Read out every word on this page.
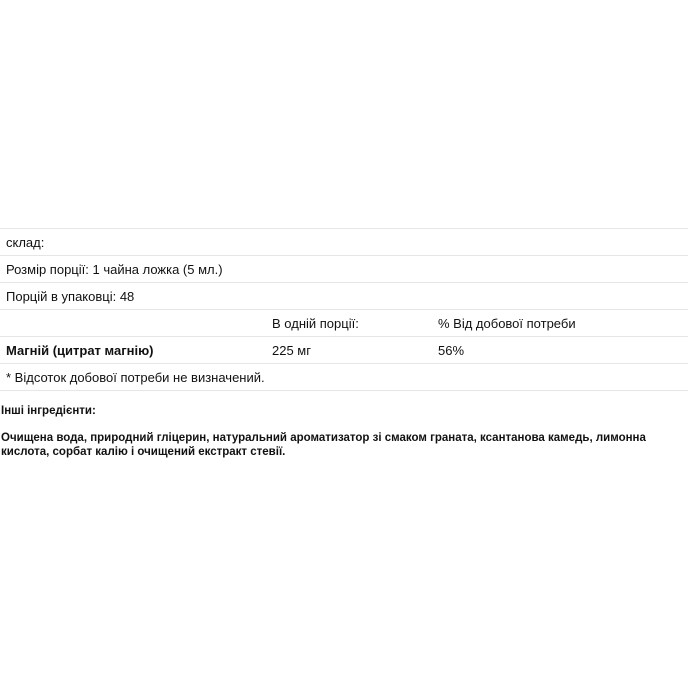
склад:		
Розмір порції: 1 чайна ложка (5 мл.)		
Порцій в упаковці: 48		
	В одній порції:	% Від добової потреби
Магній (цитрат магнію)	225 мг	56%
* Відсоток добової потреби не визначений.		

Інші інгредієнти:

Очищена вода, природний гліцерин, натуральний ароматизатор зі смаком граната, ксантанова камедь, лимонна кислота, сорбат калію і очищений екстракт стевії.
